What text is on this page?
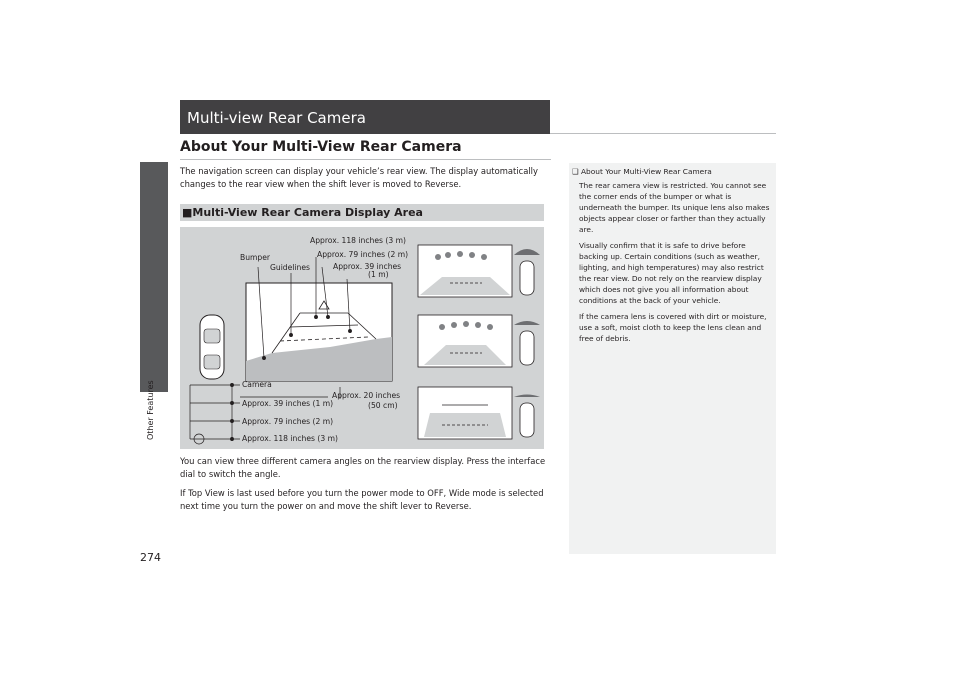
Other Features
274
Multi-view Rear Camera
About Your Multi-View Rear Camera
The navigation screen can display your vehicle’s rear view. The display automatically changes to the rear view when the shift lever is moved to Reverse.
■Multi-View Rear Camera Display Area
Approx. 118 inches (3 m)
Approx. 79 inches (2 m)
Bumper
Guidelines	Approx. 39 inches
(1 m)
Camera
Approx. 39 inches (1 m)
Approx. 79 inches (2 m)
Approx. 118 inches (3 m)
Approx. 20 inches
(50 cm)
You can view three different camera angles on the rearview display. Press the interface dial to switch the angle.
If Top View is last used before you turn the power mode to OFF, Wide mode is selected next time you turn the power on and move the shift lever to Reverse.
❑ About Your Multi-View Rear Camera

The rear camera view is restricted. You cannot see the corner ends of the bumper or what is underneath the bumper. Its unique lens also makes objects appear closer or farther than they actually are.

Visually confirm that it is safe to drive before backing up. Certain conditions (such as weather, lighting, and high temperatures) may also restrict the rear view. Do not rely on the rearview display which does not give you all information about conditions at the back of your vehicle.

If the camera lens is covered with dirt or moisture, use a soft, moist cloth to keep the lens clean and free of debris.
